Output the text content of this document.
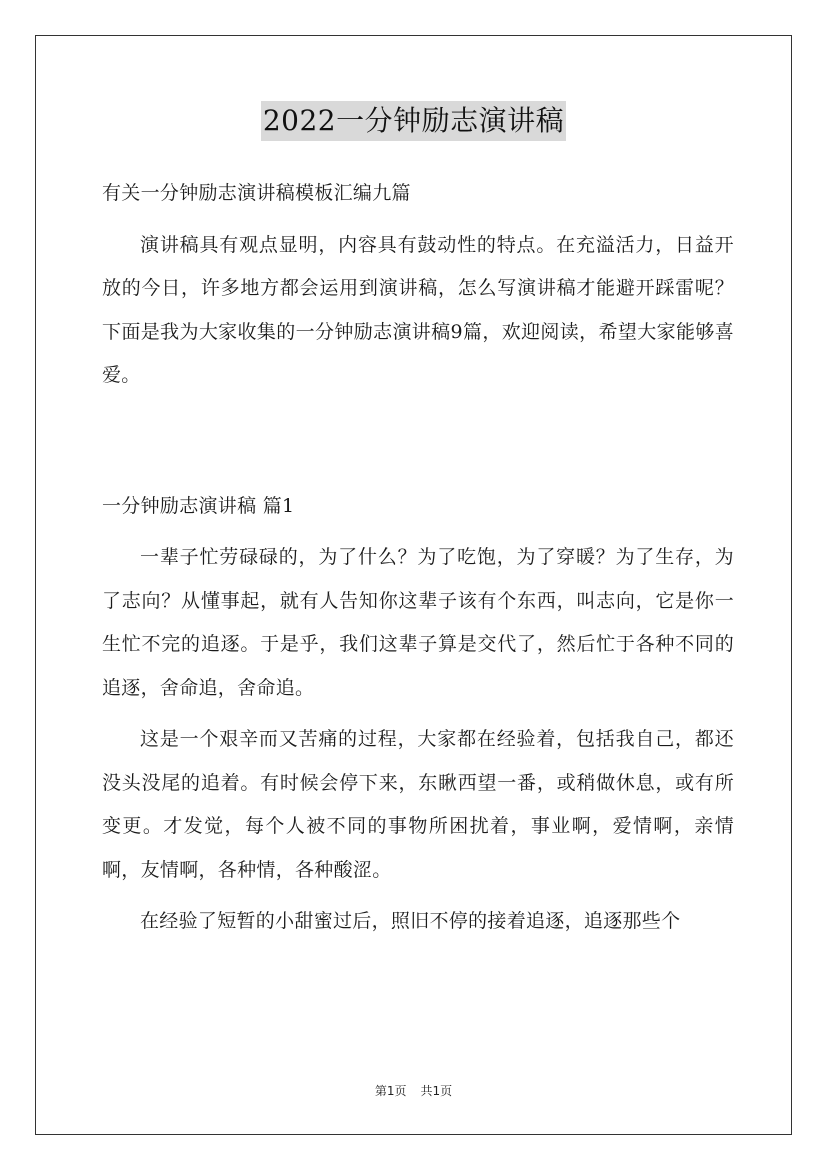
2022一分钟励志演讲稿

有关一分钟励志演讲稿模板汇编九篇

演讲稿具有观点显明，内容具有鼓动性的特点。在充溢活力，日益开放的今日，许多地方都会运用到演讲稿，怎么写演讲稿才能避开踩雷呢？下面是我为大家收集的一分钟励志演讲稿9篇，欢迎阅读，希望大家能够喜爱。

一分钟励志演讲稿 篇1

一辈子忙劳碌碌的，为了什么？为了吃饱，为了穿暖？为了生存，为了志向？从懂事起，就有人告知你这辈子该有个东西，叫志向，它是你一生忙不完的追逐。于是乎，我们这辈子算是交代了，然后忙于各种不同的追逐，舍命追，舍命追。

这是一个艰辛而又苦痛的过程，大家都在经验着，包括我自己，都还没头没尾的追着。有时候会停下来，东瞅西望一番，或稍做休息，或有所变更。才发觉，每个人被不同的事物所困扰着，事业啊，爱情啊，亲情啊，友情啊，各种情，各种酸涩。

在经验了短暂的小甜蜜过后，照旧不停的接着追逐，追逐那些个

第1页 共1页
